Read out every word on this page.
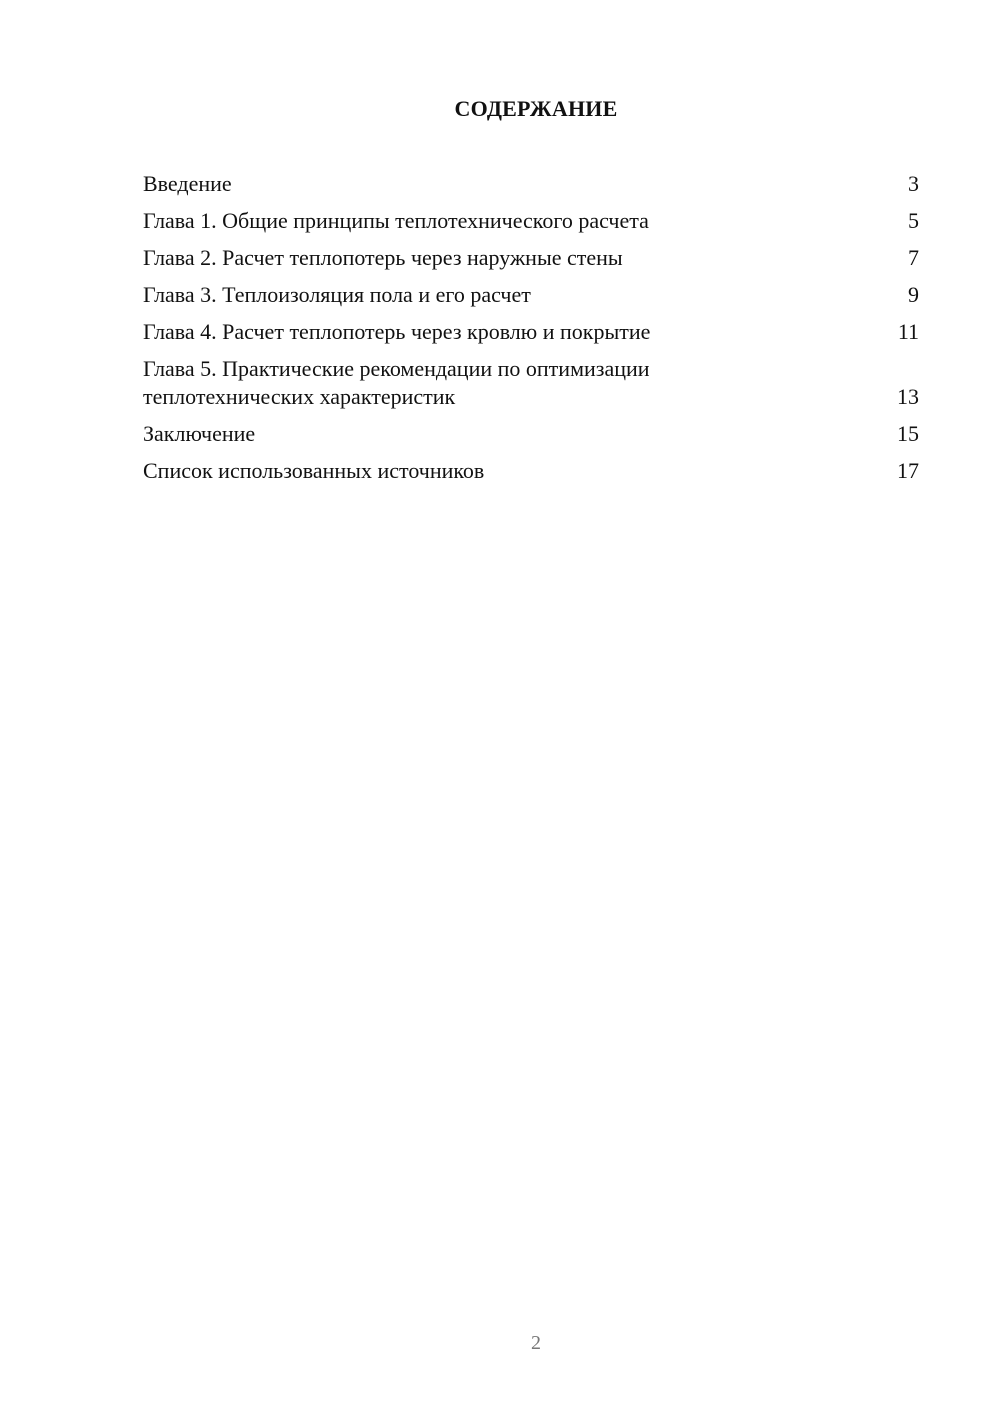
СОДЕРЖАНИЕ
Введение	3
Глава 1. Общие принципы теплотехнического расчета	5
Глава 2. Расчет теплопотерь через наружные стены	7
Глава 3. Теплоизоляция пола и его расчет	9
Глава 4. Расчет теплопотерь через кровлю и покрытие	11
Глава 5. Практические рекомендации по оптимизации теплотехнических характеристик	13
Заключение	15
Список использованных источников	17
2
